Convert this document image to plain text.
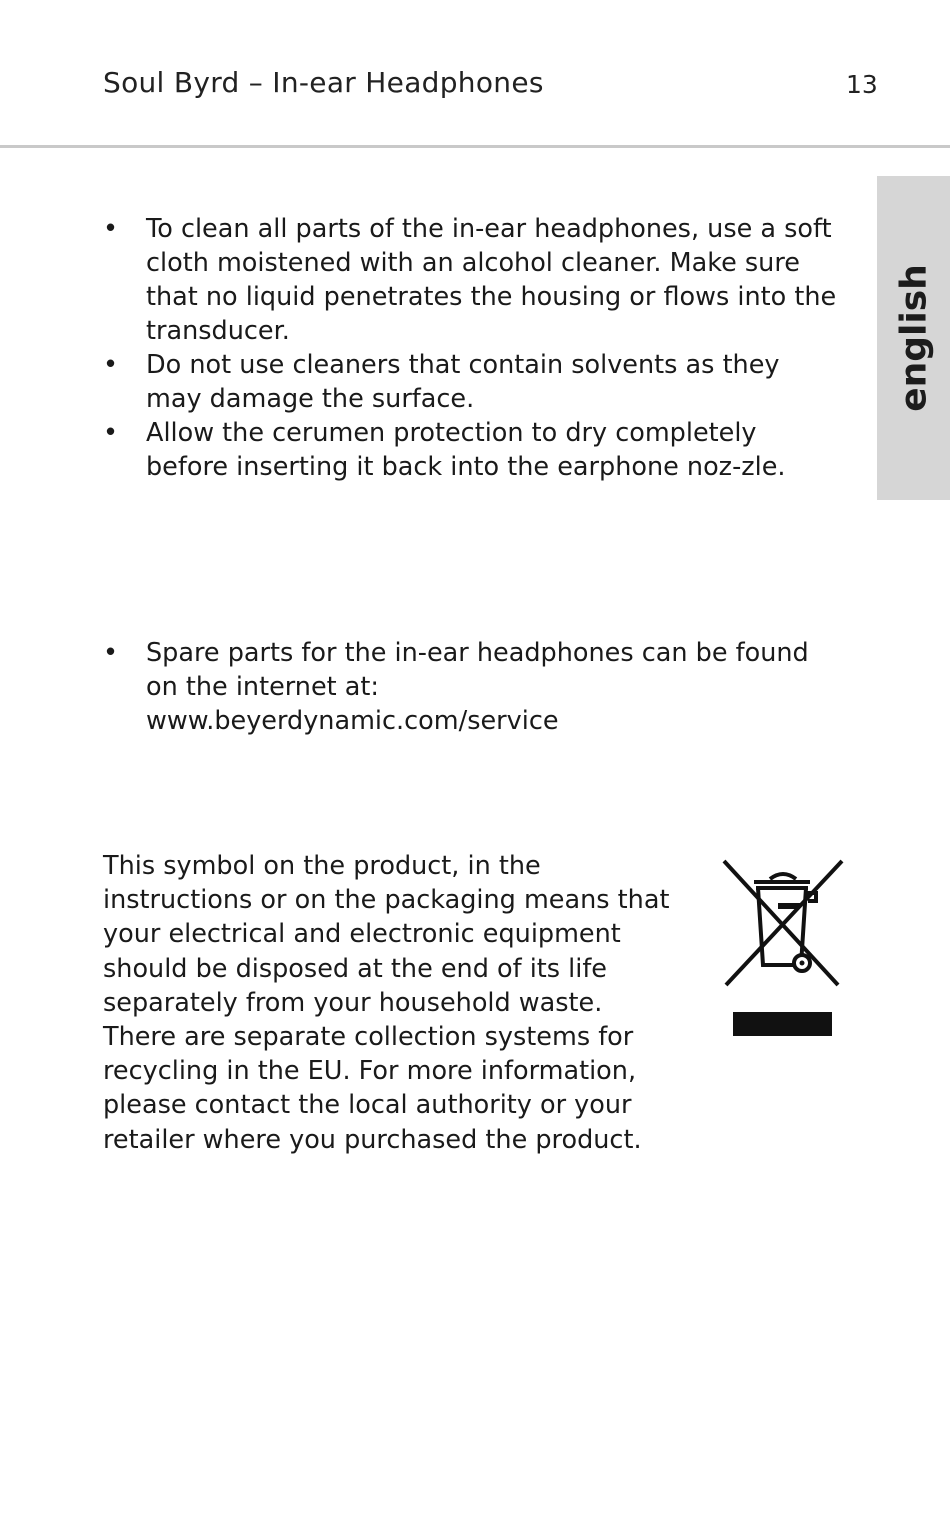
Soul Byrd – In-ear Headphones	13
english
• To clean all parts of the in-ear headphones, use a soft cloth moistened with an alcohol cleaner. Make sure that no liquid penetrates the housing or flows into the transducer.
• Do not use cleaners that contain solvents as they may damage the surface.
• Allow the cerumen protection to dry completely before inserting it back into the earphone noz-zle.
• Spare parts for the in-ear headphones can be found on the internet at:
www.beyerdynamic.com/service

This symbol on the product, in the instructions or on the packaging means that your electrical and electronic equipment should be disposed at the end of its life separately from your household waste. There are separate collection systems for recycling in the EU. For more information, please contact the local authority or your retailer where you purchased the product.
